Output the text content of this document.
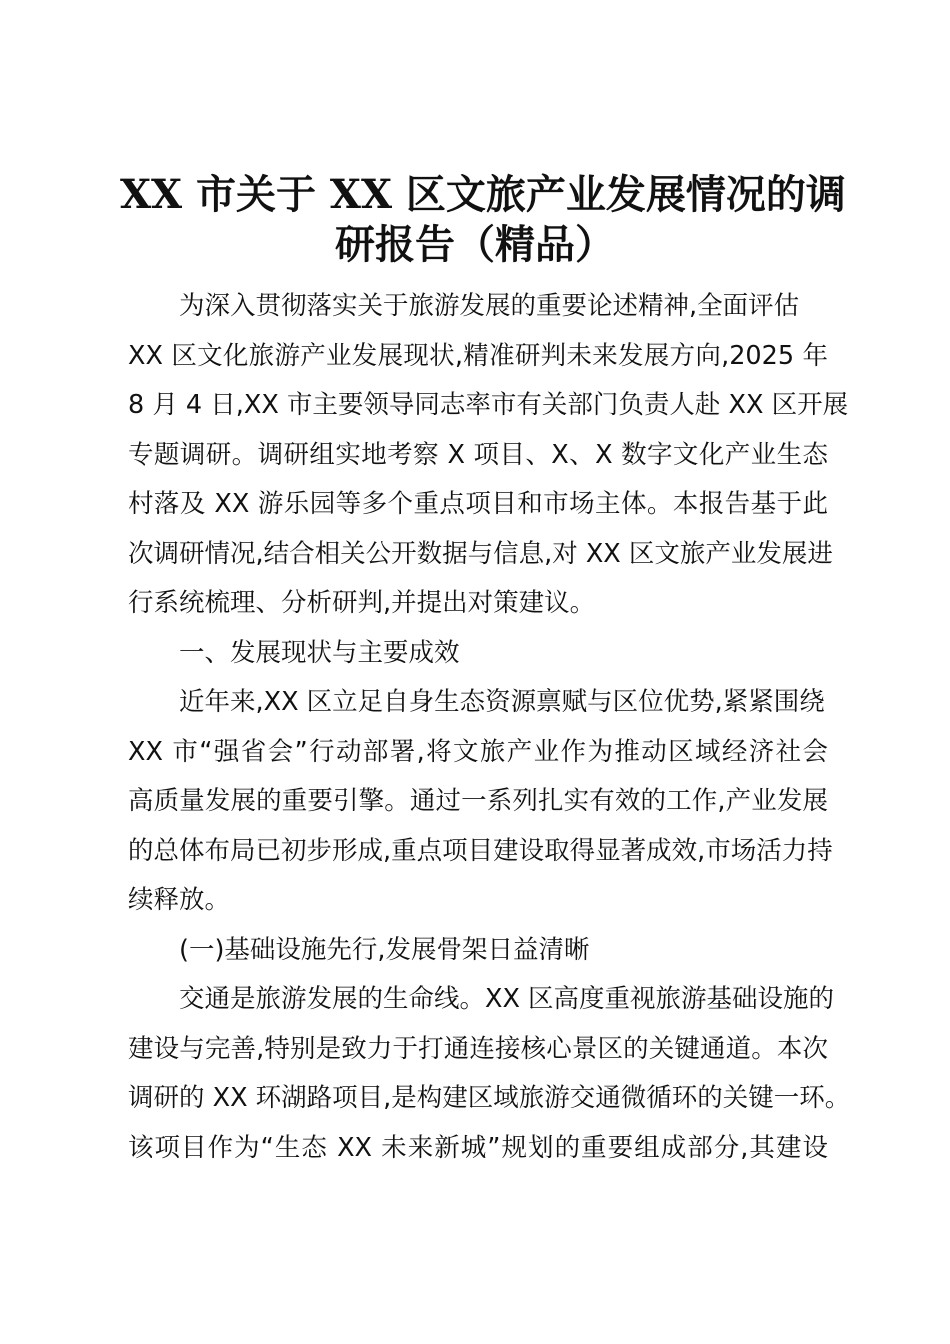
XX 市关于 XX 区文旅产业发展情况的调
研报告（精品）
为深入贯彻落实关于旅游发展的重要论述精神,全面评估
XX 区文化旅游产业发展现状,精准研判未来发展方向,2025 年
8 月 4 日,XX 市主要领导同志率市有关部门负责人赴 XX 区开展
专题调研。调研组实地考察 X 项目、X、X 数字文化产业生态
村落及 XX 游乐园等多个重点项目和市场主体。本报告基于此
次调研情况,结合相关公开数据与信息,对 XX 区文旅产业发展进
行系统梳理、分析研判,并提出对策建议。
一、发展现状与主要成效
近年来,XX 区立足自身生态资源禀赋与区位优势,紧紧围绕
XX 市“强省会”行动部署,将文旅产业作为推动区域经济社会
高质量发展的重要引擎。通过一系列扎实有效的工作,产业发展
的总体布局已初步形成,重点项目建设取得显著成效,市场活力持
续释放。
(一)基础设施先行,发展骨架日益清晰
交通是旅游发展的生命线。XX 区高度重视旅游基础设施的
建设与完善,特别是致力于打通连接核心景区的关键通道。本次
调研的 XX 环湖路项目,是构建区域旅游交通微循环的关键一环。
该项目作为“生态 XX 未来新城”规划的重要组成部分,其建设
